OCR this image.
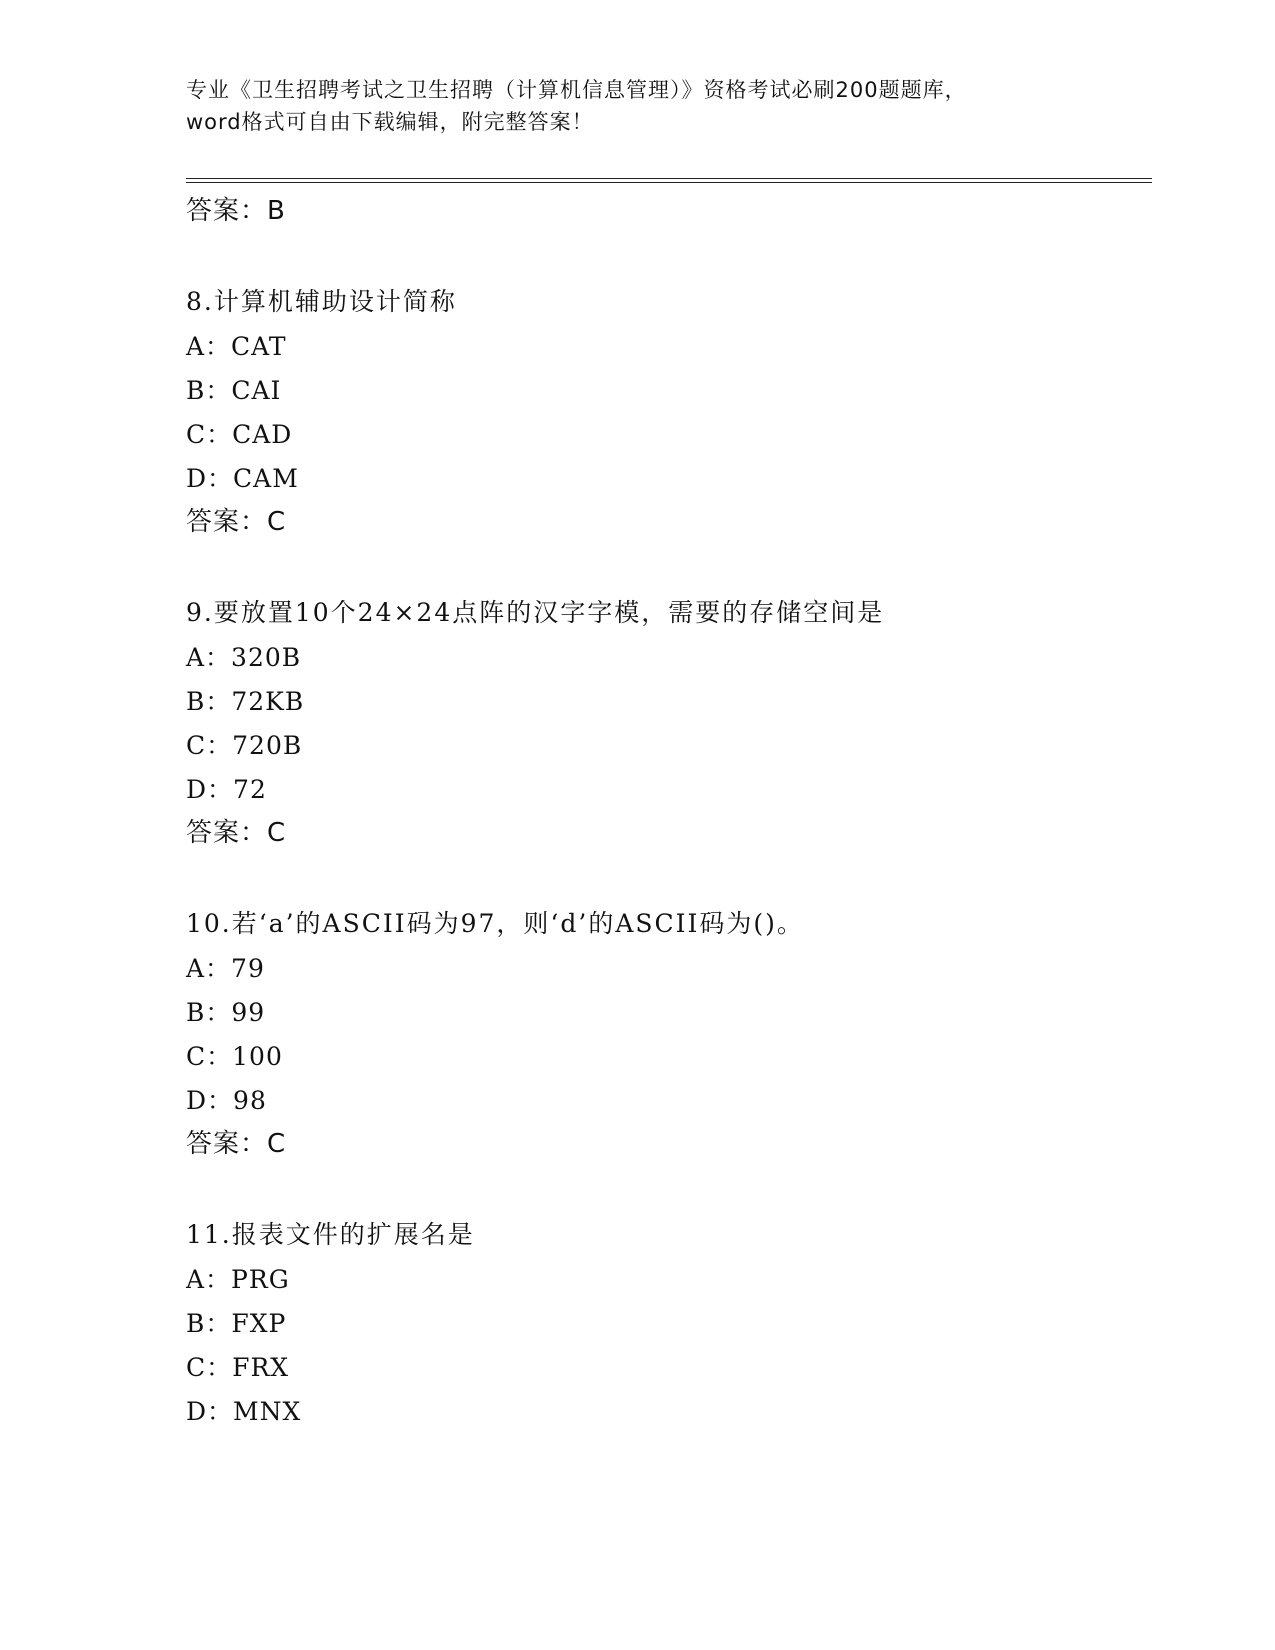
专业《卫生招聘考试之卫生招聘（计算机信息管理）》资格考试必刷200题题库，
word格式可自由下载编辑，附完整答案！
答案：B
8.计算机辅助设计简称
A：CAT
B：CAI
C：CAD
D：CAM
答案：C
9.要放置10个24×24点阵的汉字字模，需要的存储空间是
A：320B
B：72KB
C：720B
D：72
答案：C
10.若‘a’的ASCII码为97，则‘d’的ASCII码为()。
A：79
B：99
C：100
D：98
答案：C
11.报表文件的扩展名是
A：PRG
B：FXP
C：FRX
D：MNX
